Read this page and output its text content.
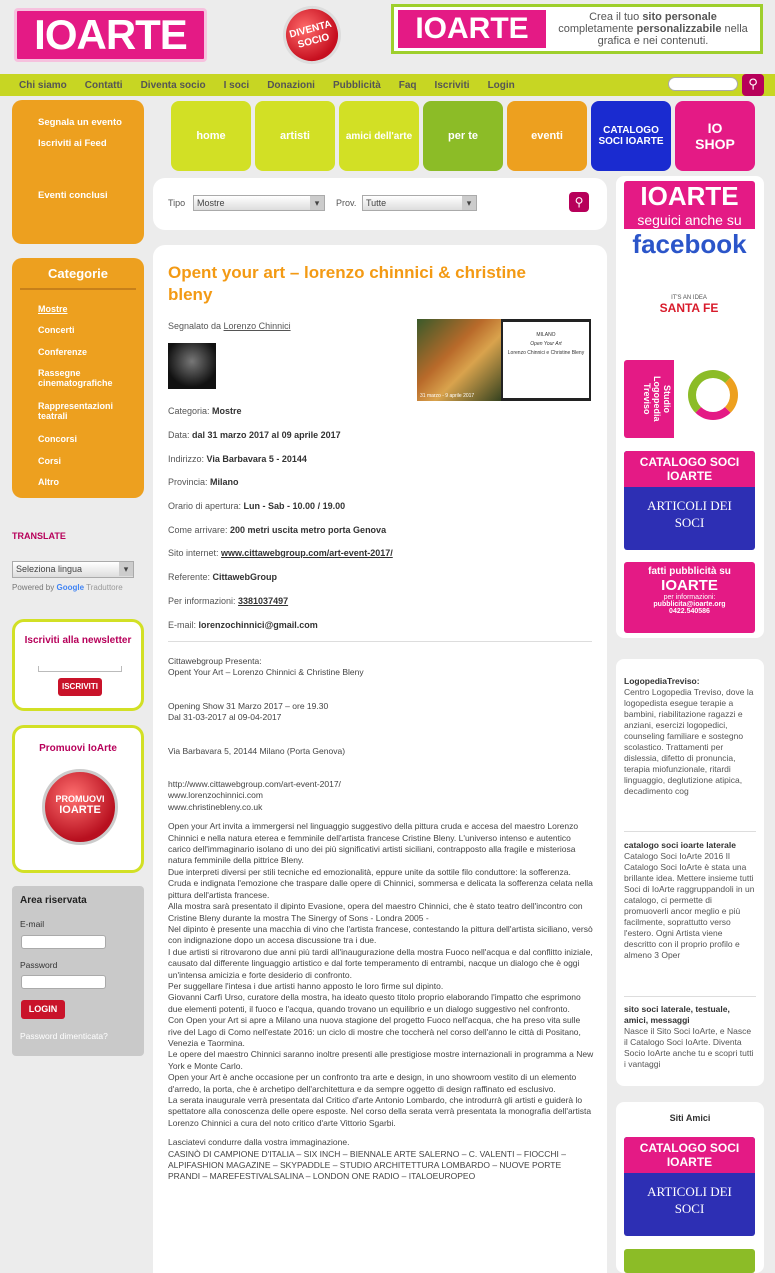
IOARTE	DIVENTA SOCIO	IOARTE	Crea il tuo sito personale completamente personalizzabile nella grafica e nei contenuti.
Chi siamo Contatti Diventa socio I soci Donazioni Pubblicità Faq Iscriviti Login	⚲
Segnala un evento
Iscriviti ai Feed
Eventi conclusi
home	artisti	amici dell'arte	per te	eventi	CATALOGO SOCI IOARTE
IO
SHOP
Tipo	Mostre ▾	Prov.	Tutte ▾	⚲
Categorie
Mostre
Concerti
Conferenze
Rassegne cinematografiche
Rappresentazioni teatrali
Concorsi
Corsi
Altro
TRANSLATE
Seleziona lingua ▾
Powered by Google Traduttore
Iscriviti alla newsletter
ISCRIVITI
Promuovi IoArte
PROMUOVI
IOARTE
Area riservata
E-mail
Password
LOGIN
Password dimenticata?
Opent your art – lorenzo chinnici & christine bleny
Segnalato da Lorenzo Chinnici
31 marzo - 9 aprile 2017
MILANO
Open Your Art
Lorenzo Chinnici e Christine Bleny
Categoria: Mostre
Data: dal 31 marzo 2017 al 09 aprile 2017
Indirizzo: Via Barbavara 5 - 20144
Provincia: Milano
Orario di apertura: Lun - Sab - 10.00 / 19.00
Come arrivare: 200 metri uscita metro porta Genova
Sito internet: www.cittawebgroup.com/art-event-2017/
Referente: CittawebGroup
Per informazioni: 3381037497
E-mail: lorenzochinnici@gmail.com
Cittawebgroup Presenta:
Opent Your Art – Lorenzo Chinnici & Christine Bleny
Opening Show 31 Marzo 2017 – ore 19.30
Dal 31-03-2017 al 09-04-2017
Via Barbavara 5, 20144 Milano (Porta Genova)
http://www.cittawebgroup.com/art-event-2017/
www.lorenzochinnici.com
www.christinebleny.co.uk
Open your Art invita a immergersi nel linguaggio suggestivo della pittura cruda e accesa del maestro Lorenzo Chinnici e nella natura eterea e femminile dell'artista francese Cristine Bleny. L'universo intenso e autentico carico dell'immaginario isolano di uno dei più significativi artisti siciliani, contrapposto alla fragile e misteriosa natura femminile della pittrice Bleny.
Due interpreti diversi per stili tecniche ed emozionalità, eppure unite da sottile filo conduttore: la sofferenza.
Cruda e indignata l'emozione che traspare dalle opere di Chinnici, sommersa e delicata la sofferenza celata nella pittura dell'artista francese.
Alla mostra sarà presentato il dipinto Evasione, opera del maestro Chinnici, che è stato teatro dell'incontro con Cristine Bleny durante la mostra The Sinergy of Sons - Londra 2005 -
Nel dipinto è presente una macchia di vino che l'artista francese, contestando la pittura dell'artista siciliano, versò con indignazione dopo un accesa discussione tra i due.
I due artisti si ritrovarono due anni più tardi all'inaugurazione della mostra Fuoco nell'acqua e dal conflitto iniziale, causato dal differente linguaggio artistico e dal forte temperamento di entrambi, nacque un dialogo che è oggi un'intensa amicizia e forte desiderio di confronto.
Per suggellare l'intesa i due artisti hanno apposto le loro firme sul dipinto.
Giovanni Carfì Urso, curatore della mostra, ha ideato questo titolo proprio elaborando l'impatto che esprimono due elementi potenti, il fuoco e l'acqua, quando trovano un equilibrio e un dialogo suggestivo nel confronto.
Con Open your Art si apre a Milano una nuova stagione del progetto Fuoco nell'acqua, che ha preso vita sulle rive del Lago di Como nell'estate 2016: un ciclo di mostre che toccherà nel corso dell'anno le città di Positano, Venezia e Taormina.
Le opere del maestro Chinnici saranno inoltre presenti alle prestigiose mostre internazionali in programma a New York e Monte Carlo.
Open your Art è anche occasione per un confronto tra arte e design, in uno showroom vestito di un elemento d'arredo, la porta, che è archetipo dell'architettura e da sempre oggetto di design raffinato ed esclusivo.
La serata inaugurale verrà presentata dal Critico d'arte Antonio Lombardo, che introdurrà gli artisti e guiderà lo spettatore alla conoscenza delle opere esposte. Nel corso della serata verrà presentata la monografia dell'artista Lorenzo Chinnici a cura del noto critico d'arte Vittorio Sgarbi.
Lasciatevi condurre dalla vostra immaginazione.
CASINÒ DI CAMPIONE D'ITALIA – SIX INCH – BIENNALE ARTE SALERNO – C. VALENTI – FIOCCHI –
ALPIFASHION MAGAZINE – SKYPADDLE – STUDIO ARCHITETTURA LOMBARDO – NUOVE PORTE PRANDI – MAREFESTIVALSALINA – LONDON ONE RADIO – ITALOEUROPEO
IOARTE
seguici anche su
facebook
IT'S AN IDEA
SANTA FE
Studio Logopedia Treviso
CATALOGO SOCI IOARTE
ARTICOLI DEI SOCI
fatti pubblicità su
IOARTE
per informazioni:
pubblicita@ioarte.org
0422.540586
LogopediaTreviso:
Centro Logopedia Treviso, dove la logopedista esegue terapie a bambini, riabilitazione ragazzi e anziani, esercizi logopedici, counseling familiare e sostegno scolastico. Trattamenti per dislessia, difetto di pronuncia, terapia miofunzionale, ritardi linguaggio, deglutizione atipica, decadimento cog
catalogo soci ioarte laterale
Catalogo Soci IoArte 2016 Il Catalogo Soci IoArte è stata una brillante idea. Mettere insieme tutti Soci di IoArte raggruppandoli in un catalogo, ci permette di promuoverli ancor meglio e più facilmente, soprattutto verso l'estero. Ogni Artista viene descritto con il proprio profilo e almeno 3 Oper
sito soci laterale, testuale, amici, messaggi
Nasce il Sito Soci IoArte, e Nasce il Catalogo Soci IoArte. Diventa Socio IoArte anche tu e scopri tutti i vantaggi
Siti Amici
CATALOGO SOCI IOARTE
ARTICOLI DEI SOCI
